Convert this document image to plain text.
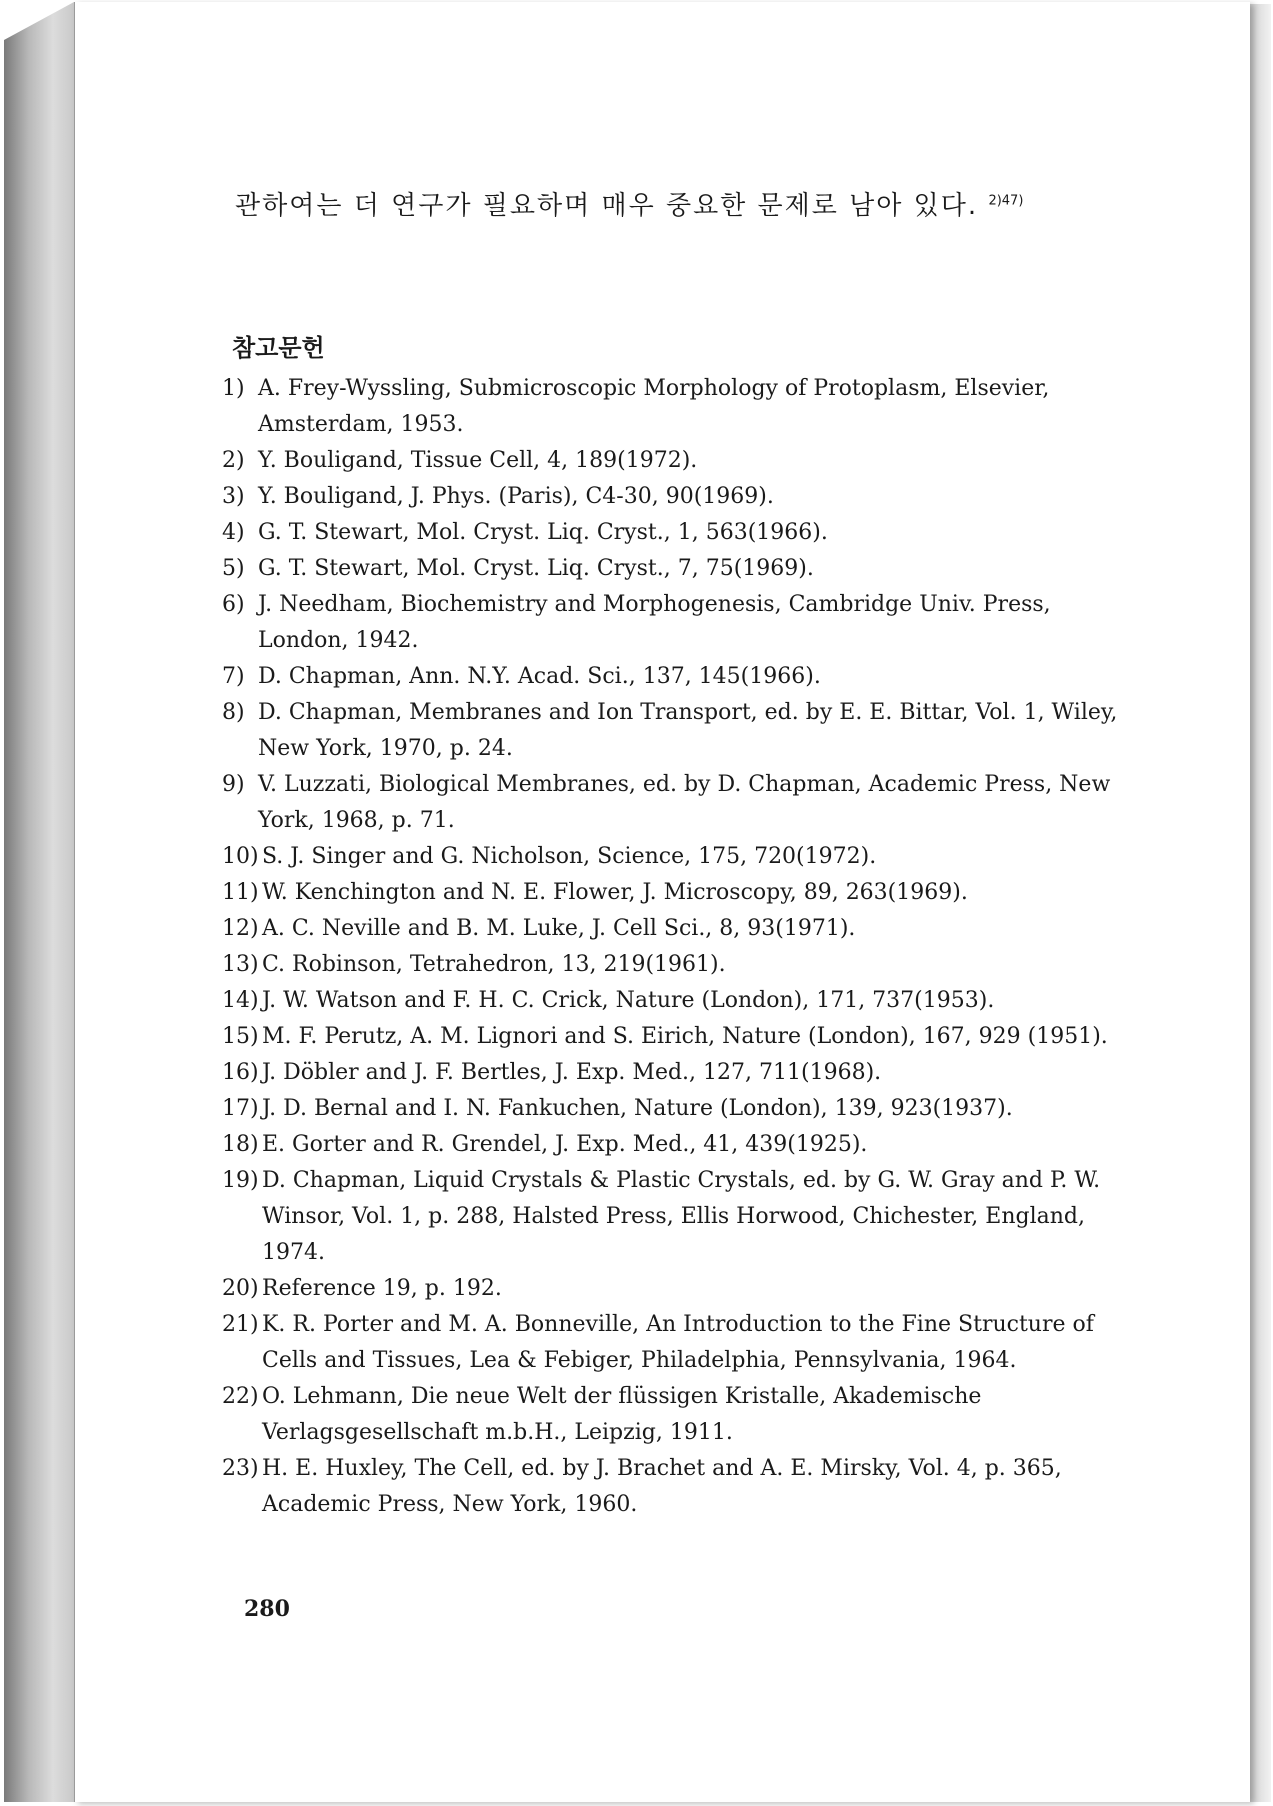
관하여는 더 연구가 필요하며 매우 중요한 문제로 남아 있다. $^{2)47)}$

참고문헌
1) A. Frey-Wyssling, Submicroscopic Morphology of Protoplasm, Elsevier, Amsterdam, 1953.
2) Y. Bouligand, Tissue Cell, 4, 189(1972).
3) Y. Bouligand, J. Phys. (Paris), C4-30, 90(1969).
4) G. T. Stewart, Mol. Cryst. Liq. Cryst., 1, 563(1966).
5) G. T. Stewart, Mol. Cryst. Liq. Cryst., 7, 75(1969).
6) J. Needham, Biochemistry and Morphogenesis, Cambridge Univ. Press, London, 1942.
7) D. Chapman, Ann. N.Y. Acad. Sci., 137, 145(1966).
8) D. Chapman, Membranes and Ion Transport, ed. by E. E. Bittar, Vol. 1, Wiley, New York, 1970, p. 24.
9) V. Luzzati, Biological Membranes, ed. by D. Chapman, Academic Press, New York, 1968, p. 71.
10) S. J. Singer and G. Nicholson, Science, 175, 720(1972).
11) W. Kenchington and N. E. Flower, J. Microscopy, 89, 263(1969).
12) A. C. Neville and B. M. Luke, J. Cell Sci., 8, 93(1971).
13) C. Robinson, Tetrahedron, 13, 219(1961).
14) J. W. Watson and F. H. C. Crick, Nature (London), 171, 737(1953).
15) M. F. Perutz, A. M. Lignori and S. Eirich, Nature (London), 167, 929 (1951).
16) J. Döbler and J. F. Bertles, J. Exp. Med., 127, 711(1968).
17) J. D. Bernal and I. N. Fankuchen, Nature (London), 139, 923(1937).
18) E. Gorter and R. Grendel, J. Exp. Med., 41, 439(1925).
19) D. Chapman, Liquid Crystals & Plastic Crystals, ed. by G. W. Gray and P. W. Winsor, Vol. 1, p. 288, Halsted Press, Ellis Horwood, Chichester, England, 1974.
20) Reference 19, p. 192.
21) K. R. Porter and M. A. Bonneville, An Introduction to the Fine Structure of Cells and Tissues, Lea & Febiger, Philadelphia, Pennsylvania, 1964.
22) O. Lehmann, Die neue Welt der flüssigen Kristalle, Akademische Verlagsgesellschaft m.b.H., Leipzig, 1911.
23) H. E. Huxley, The Cell, ed. by J. Brachet and A. E. Mirsky, Vol. 4, p. 365, Academic Press, New York, 1960.
280
